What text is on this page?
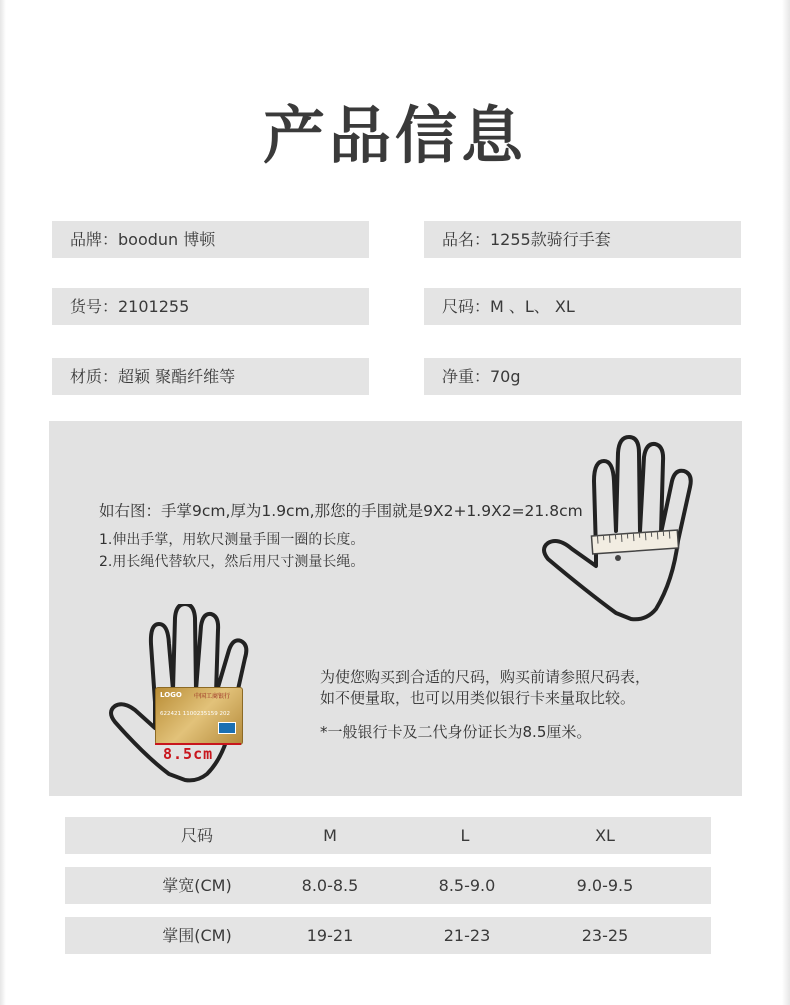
产品信息
品牌：boodun 博顿	品名：1255款骑行手套
货号：2101255	尺码：M 、L、 XL
材质：超颖 聚酯纤维等	净重：70g
如右图：手掌9cm,厚为1.9cm,那您的手围就是9X2+1.9X2=21.8cm
1.伸出手掌，用软尺测量手围一圈的长度。
2.用长绳代替软尺，然后用尺寸测量长绳。
为使您购买到合适的尺码，购买前请参照尺码表，
如不便量取，也可以用类似银行卡来量取比较。
*一般银行卡及二代身份证长为8.5厘米。
LOGO 中国工商银行
622421 1100235159 202
8.5cm
尺码	M	L	XL
掌宽(CM)	8.0-8.5	8.5-9.0	9.0-9.5
掌围(CM)	19-21	21-23	23-25
